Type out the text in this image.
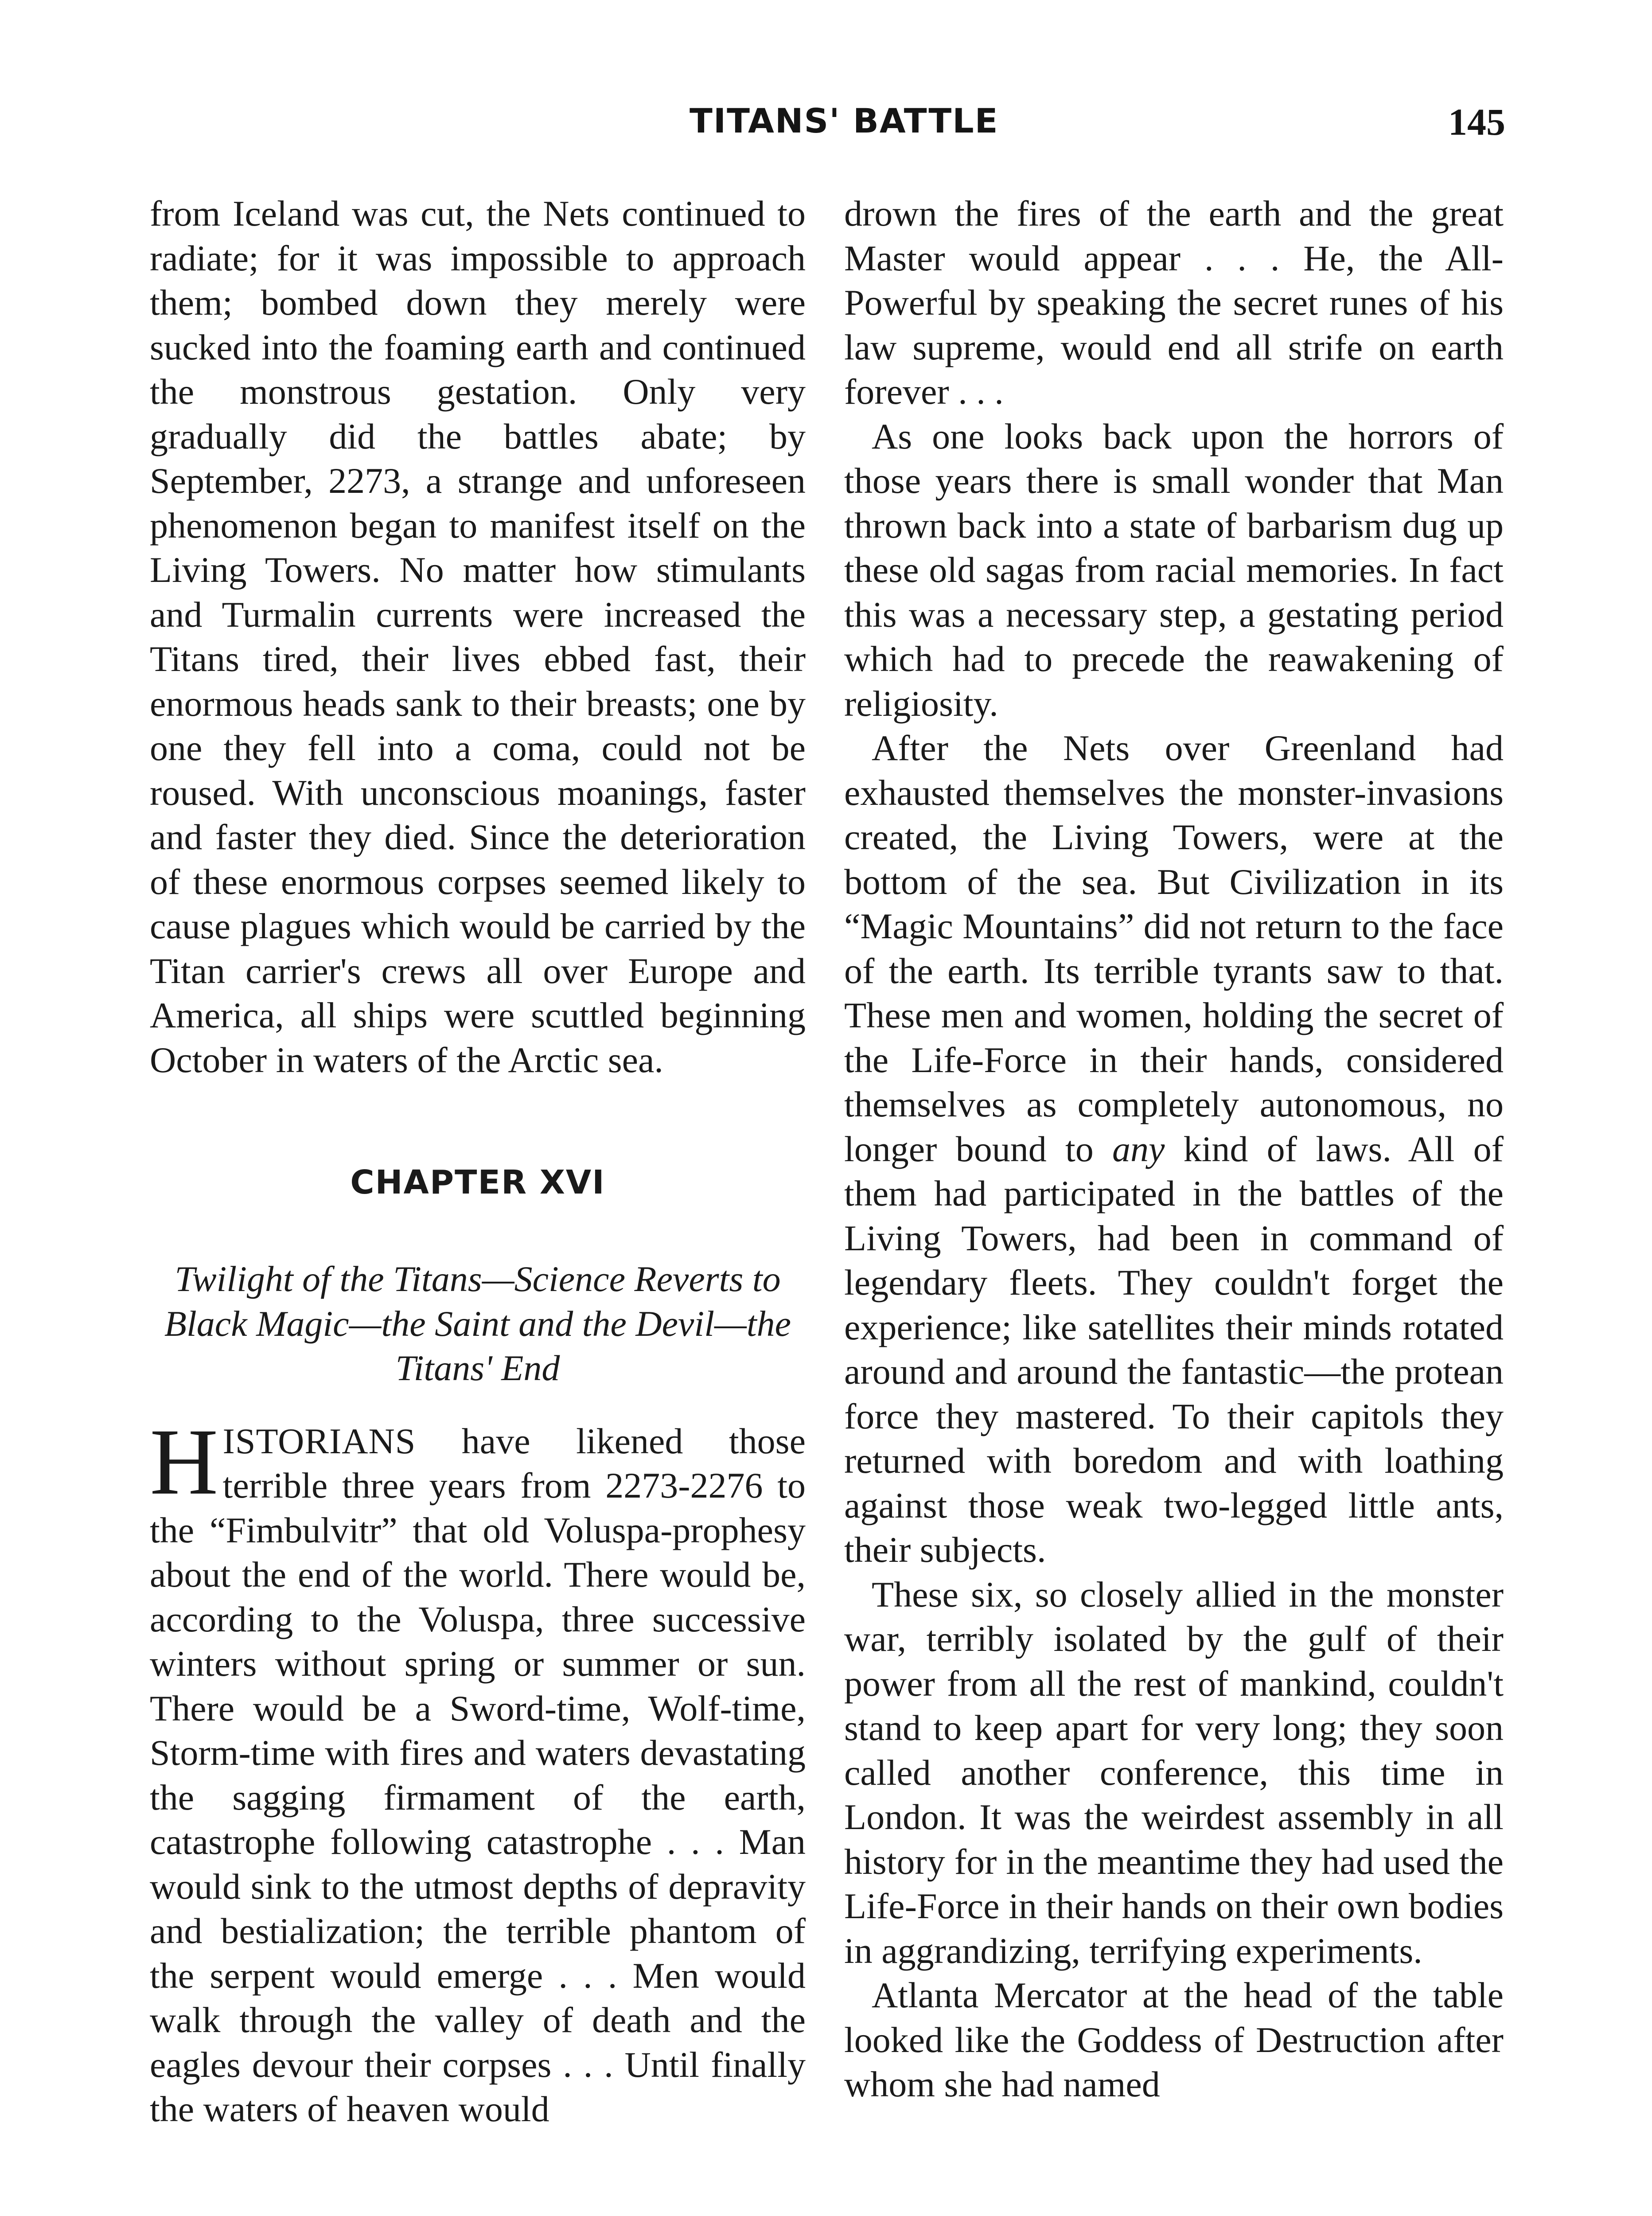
TITANS' BATTLE	145

from Iceland was cut, the Nets continued to radiate; for it was impossible to approach them; bombed down they merely were sucked into the foaming earth and continued the monstrous gestation. Only very gradually did the battles abate; by September, 2273, a strange and unforeseen phenomenon began to manifest itself on the Living Towers. No matter how stimulants and Turmalin currents were increased the Titans tired, their lives ebbed fast, their enormous heads sank to their breasts; one by one they fell into a coma, could not be roused. With unconscious moanings, faster and faster they died. Since the deterioration of these enormous corpses seemed likely to cause plagues which would be carried by the Titan carrier's crews all over Europe and America, all ships were scuttled beginning October in waters of the Arctic sea.

CHAPTER XVI
Twilight of the Titans—Science Reverts to Black Magic—the Saint and the Devil—the Titans' End

HISTORIANS have likened those terrible three years from 2273-2276 to the “Fimbulvitr” that old Voluspa-prophesy about the end of the world. There would be, according to the Voluspa, three successive winters without spring or summer or sun. There would be a Sword-time, Wolf-time, Storm-time with fires and waters devastating the sagging firmament of the earth, catastrophe following catastrophe . . . Man would sink to the utmost depths of depravity and bestialization; the terrible phantom of the serpent would emerge . . . Men would walk through the valley of death and the eagles devour their corpses . . . Until finally the waters of heaven would

drown the fires of the earth and the great Master would appear . . . He, the All-Powerful by speaking the secret runes of his law supreme, would end all strife on earth forever . . .

As one looks back upon the horrors of those years there is small wonder that Man thrown back into a state of barbarism dug up these old sagas from racial memories. In fact this was a necessary step, a gestating period which had to precede the reawakening of religiosity.

After the Nets over Greenland had exhausted themselves the monster-invasions created, the Living Towers, were at the bottom of the sea. But Civilization in its “Magic Mountains” did not return to the face of the earth. Its terrible tyrants saw to that. These men and women, holding the secret of the Life-Force in their hands, considered themselves as completely autonomous, no longer bound to any kind of laws. All of them had participated in the battles of the Living Towers, had been in command of legendary fleets. They couldn't forget the experience; like satellites their minds rotated around and around the fantastic—the protean force they mastered. To their capitols they returned with boredom and with loathing against those weak two-legged little ants, their subjects.

These six, so closely allied in the monster war, terribly isolated by the gulf of their power from all the rest of mankind, couldn't stand to keep apart for very long; they soon called another conference, this time in London. It was the weirdest assembly in all history for in the meantime they had used the Life-Force in their hands on their own bodies in aggrandizing, terrifying experiments.

Atlanta Mercator at the head of the table looked like the Goddess of Destruction after whom she had named
